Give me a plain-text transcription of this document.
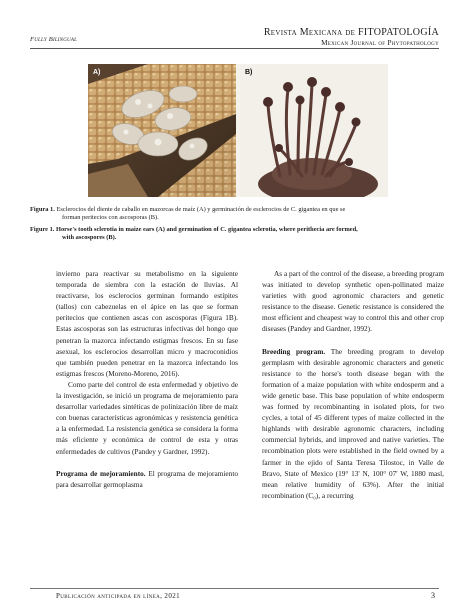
Fully Bilingual
Revista Mexicana de FITOPATOLOGÍA
Mexican Journal of Phytopathology
A)	B)
Figura 1. Esclerocios del diente de caballo en mazorcas de maíz (A) y germinación de esclerocios de C. gigantea en que se
forman peritecios con ascosporas (B).
Figure 1. Horse's tooth sclerotia in maize ears (A) and germination of C. gigantea sclerotia, where perithecia are formed,
with ascospores (B).

invierno para reactivar su metabolismo en la siguiente temporada de siembra con la estación de lluvias. Al reactivarse, los esclerocios germinan formando estípites (tallos) con cabezuelas en el ápice en las que se forman peritecios que contienen ascas con ascosporas (Figura 1B). Estas ascosporas son las estructuras infectivas del hongo que penetran la mazorca infectando estigmas frescos. En su fase asexual, los esclerocios desarrollan micro y macroconidios que también pueden penetrar en la mazorca infectando los estigmas frescos (Moreno-Moreno, 2016).

Como parte del control de esta enfermedad y objetivo de la investigación, se inició un programa de mejoramiento para desarrollar variedades sintéticas de polinización libre de maíz con buenas características agronómicas y resistencia genética a la enfermedad. La resistencia genética se considera la forma más eficiente y económica de control de esta y otras enfermedades de cultivos (Pandey y Gardner, 1992).

Programa de mejoramiento. El programa de mejoramiento para desarrollar germoplasma

As a part of the control of the disease, a breeding program was initiated to develop synthetic open-pollinated maize varieties with good agronomic characters and genetic resistance to the disease. Genetic resistance is considered the most efficient and cheapest way to control this and other crop diseases (Pandey and Gardner, 1992).

Breeding program. The breeding program to develop germplasm with desirable agronomic characters and genetic resistance to the horse's tooth disease began with the formation of a maize population with white endosperm and a wide genetic base. This base population of white endosperm was formed by recombinanting in isolated plots, for two cycles, a total of 45 different types of maize collected in the highlands with desirable agronomic characters, including commercial hybrids, and improved and native varieties. The recombination plots were established in the field owned by a farmer in the ejido of Santa Teresa Tilostoc, in Valle de Bravo, State of Mexico (19° 13' N, 100° 07' W, 1880 masl, mean relative humidity of 63%). After the initial recombination (C₀), a recurring

Publicación anticipada en línea, 2021	3
